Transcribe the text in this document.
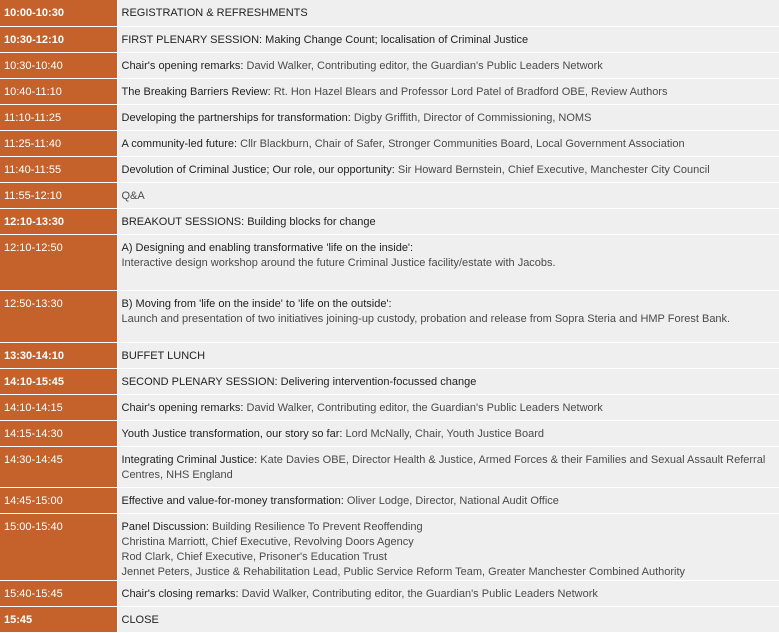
10:00-10:30	REGISTRATION & REFRESHMENTS

10:30-12:10	FIRST PLENARY SESSION: Making Change Count; localisation of Criminal Justice

10:30-10:40	Chair's opening remarks: David Walker, Contributing editor, the Guardian's Public Leaders Network

10:40-11:10	The Breaking Barriers Review: Rt. Hon Hazel Blears and Professor Lord Patel of Bradford OBE, Review Authors

11:10-11:25	Developing the partnerships for transformation: Digby Griffith, Director of Commissioning, NOMS

11:25-11:40	A community-led future: Cllr Blackburn, Chair of Safer, Stronger Communities Board, Local Government Association

11:40-11:55	Devolution of Criminal Justice; Our role, our opportunity: Sir Howard Bernstein, Chief Executive, Manchester City Council

11:55-12:10	Q&A

12:10-13:30	BREAKOUT SESSIONS: Building blocks for change

12:10-12:50	A) Designing and enabling transformative 'life on the inside':
Interactive design workshop around the future Criminal Justice facility/estate with Jacobs.

12:50-13:30	B) Moving from 'life on the inside' to 'life on the outside':
Launch and presentation of two initiatives joining-up custody, probation and release from Sopra Steria and HMP Forest Bank.

13:30-14:10	BUFFET LUNCH

14:10-15:45	SECOND PLENARY SESSION: Delivering intervention-focussed change

14:10-14:15	Chair's opening remarks: David Walker, Contributing editor, the Guardian's Public Leaders Network

14:15-14:30	Youth Justice transformation, our story so far: Lord McNally, Chair, Youth Justice Board

14:30-14:45	Integrating Criminal Justice: Kate Davies OBE, Director Health & Justice, Armed Forces & their Families and Sexual Assault Referral Centres, NHS England

14:45-15:00	Effective and value-for-money transformation: Oliver Lodge, Director, National Audit Office

15:00-15:40	Panel Discussion: Building Resilience To Prevent Reoffending
Christina Marriott, Chief Executive, Revolving Doors Agency
Rod Clark, Chief Executive, Prisoner's Education Trust
Jennet Peters, Justice & Rehabilitation Lead, Public Service Reform Team, Greater Manchester Combined Authority

15:40-15:45	Chair's closing remarks: David Walker, Contributing editor, the Guardian's Public Leaders Network

15:45	CLOSE
